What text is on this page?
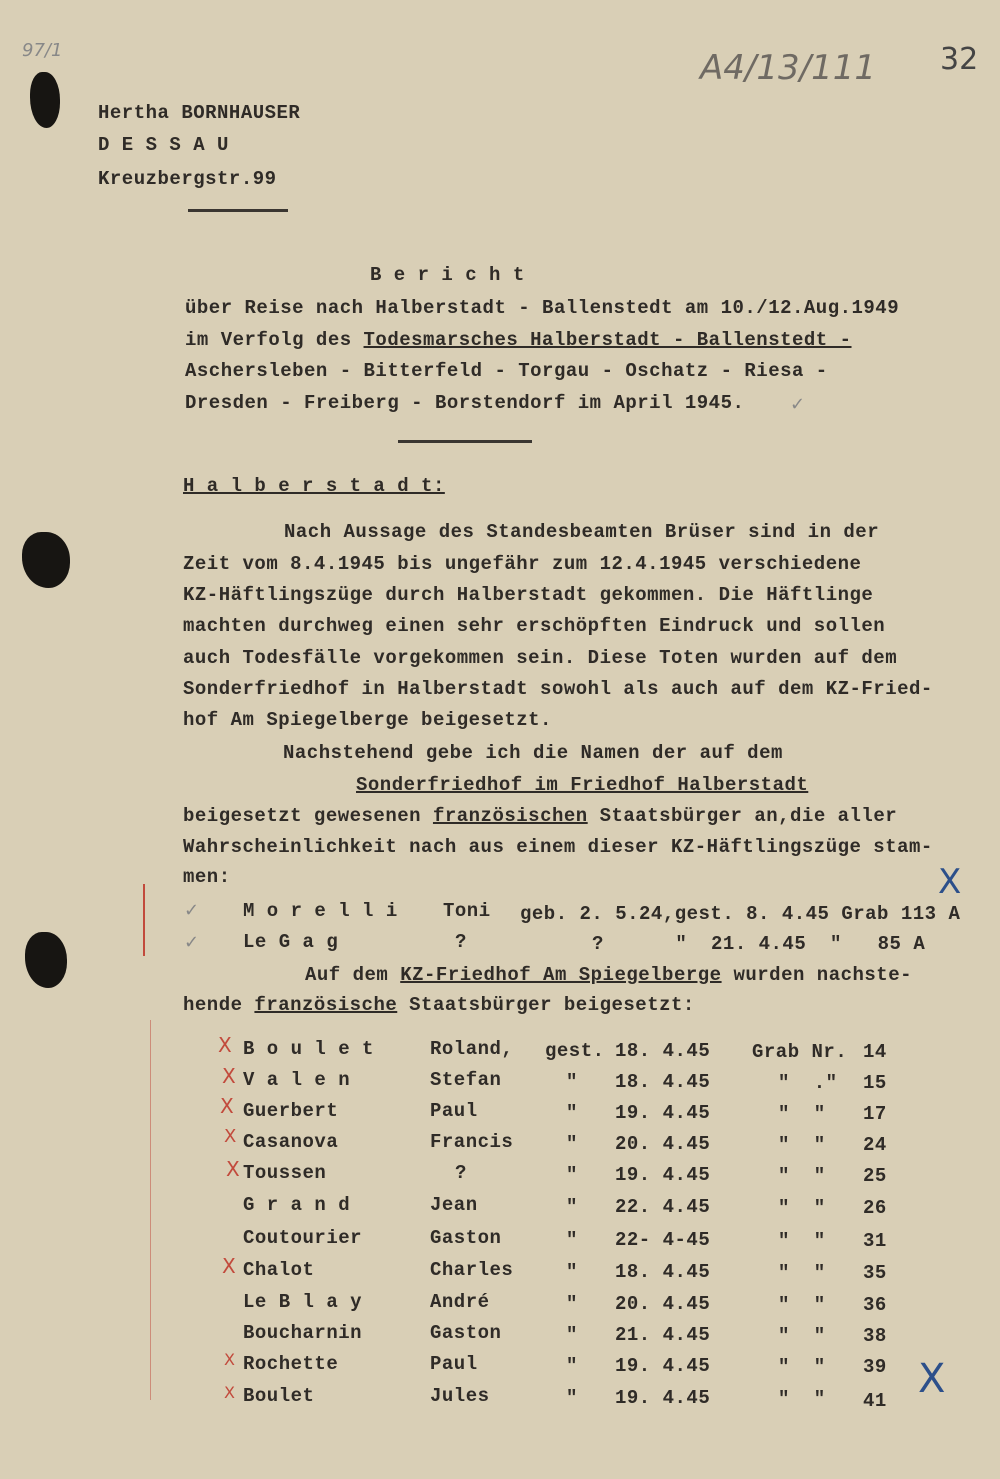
97/1	A4/13/111 32
Hertha BORNHAUSER
D E S S A U
Kreuzbergstr.99
B e r i c h t
über Reise nach Halberstadt - Ballenstedt am 10./12.Aug.1949
im Verfolg des Todesmarsches Halberstadt - Ballenstedt -
Aschersleben - Bitterfeld - Torgau - Oschatz - Riesa -
Dresden - Freiberg - Borstendorf im April 1945.	✓
H a l b e r s t a d t:
Nach Aussage des Standesbeamten Brüser sind in der
Zeit vom 8.4.1945 bis ungefähr zum 12.4.1945 verschiedene
KZ-Häftlingszüge durch Halberstadt gekommen. Die Häftlinge
machten durchweg einen sehr erschöpften Eindruck und sollen
auch Todesfälle vorgekommen sein. Diese Toten wurden auf dem
Sonderfriedhof in Halberstadt sowohl als auch auf dem KZ-Fried-
hof Am Spiegelberge beigesetzt.
Nachstehend gebe ich die Namen der auf dem
Sonderfriedhof im Friedhof Halberstadt
beigesetzt gewesenen französischen Staatsbürger an,die aller
Wahrscheinlichkeit nach aus einem dieser KZ-Häftlingszüge stam-
men:	X
✓ M o r e l l i Toni geb. 2. 5.24,gest. 8. 4.45 Grab 113 A
✓ Le G a g	?	?      "  21. 4.45  "   85 A
Auf dem KZ-Friedhof Am Spiegelberge wurden nachste-
hende französische Staatsbürger beigesetzt:
X B o u l e t	Roland, gest. 18. 4.45 Grab Nr. 14
X V a l e n	Stefan	" 18. 4.45	"  ." 15
X Guerbert	Paul	" 19. 4.45	"  " 17
X Casanova	Francis	" 20. 4.45	"  " 24
X Toussen	?	" 19. 4.45	"  " 25
G r a n d	Jean	" 22. 4.45	"  " 26
Coutourier	Gaston	" 22- 4-45	"  " 31
X Chalot	Charles	" 18. 4.45	"  " 35
Le B l a y	André	" 20. 4.45	"  " 36
Boucharnin	Gaston	" 21. 4.45	"  " 38
X Rochette	Paul	" 19. 4.45	"  " 39
X Boulet	Jules	" 19. 4.45	"  " 41 X
